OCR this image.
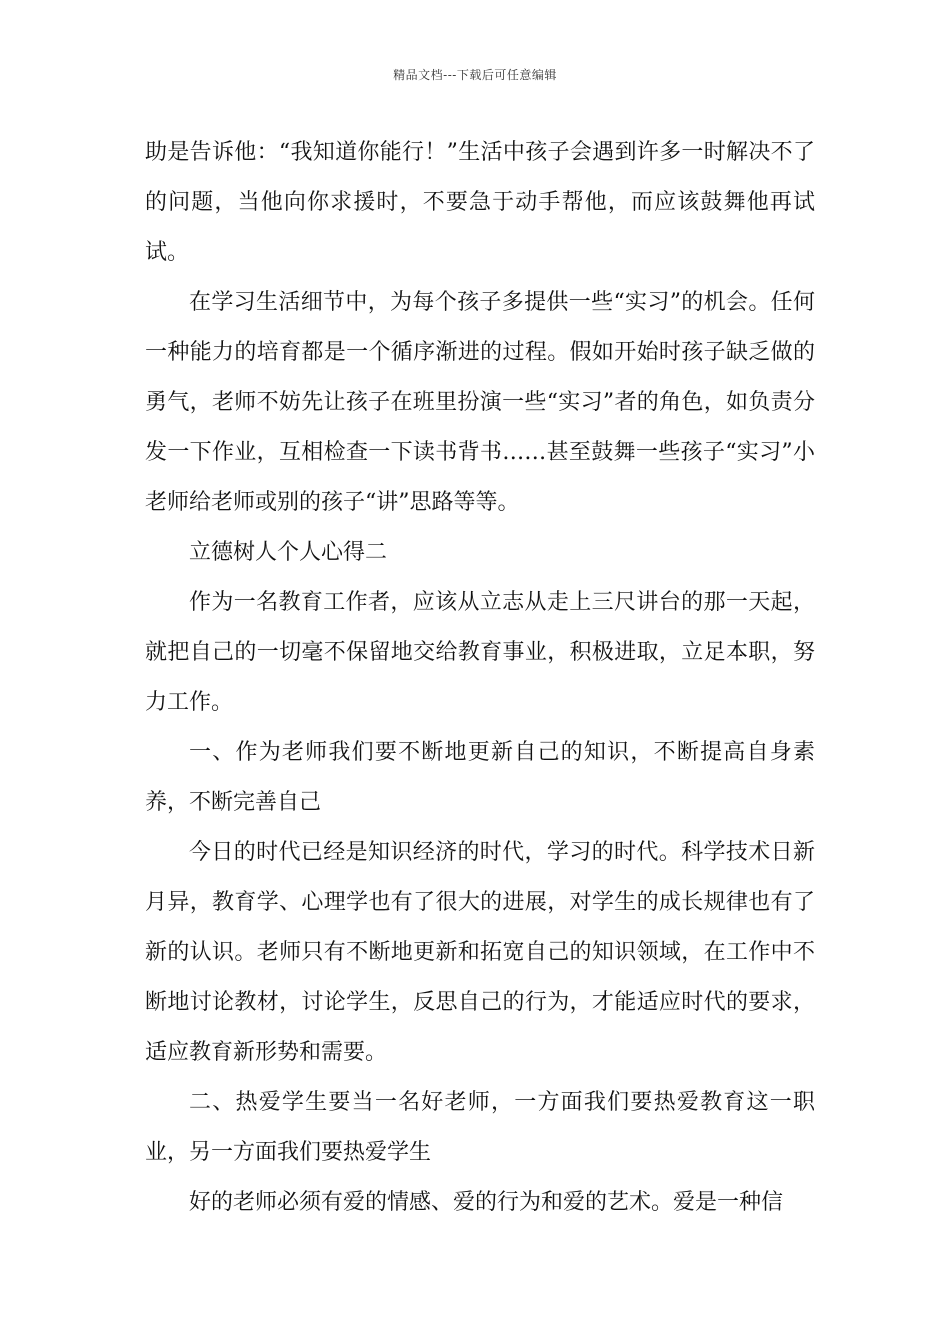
精品文档---下载后可任意编辑

助是告诉他：“我知道你能行！”生活中孩子会遇到许多一时解决不了的问题，当他向你求援时，不要急于动手帮他，而应该鼓舞他再试试。

在学习生活细节中，为每个孩子多提供一些“实习”的机会。任何一种能力的培育都是一个循序渐进的过程。假如开始时孩子缺乏做的勇气，老师不妨先让孩子在班里扮演一些“实习”者的角色，如负责分发一下作业，互相检查一下读书背书……甚至鼓舞一些孩子“实习”小老师给老师或别的孩子“讲”思路等等。

立德树人个人心得二

作为一名教育工作者，应该从立志从走上三尺讲台的那一天起，就把自己的一切毫不保留地交给教育事业，积极进取，立足本职，努力工作。

一、作为老师我们要不断地更新自己的知识，不断提高自身素养，不断完善自己

今日的时代已经是知识经济的时代，学习的时代。科学技术日新月异，教育学、心理学也有了很大的进展，对学生的成长规律也有了新的认识。老师只有不断地更新和拓宽自己的知识领域，在工作中不断地讨论教材，讨论学生，反思自己的行为，才能适应时代的要求，适应教育新形势和需要。

二、热爱学生要当一名好老师，一方面我们要热爱教育这一职业，另一方面我们要热爱学生

好的老师必须有爱的情感、爱的行为和爱的艺术。爱是一种信
